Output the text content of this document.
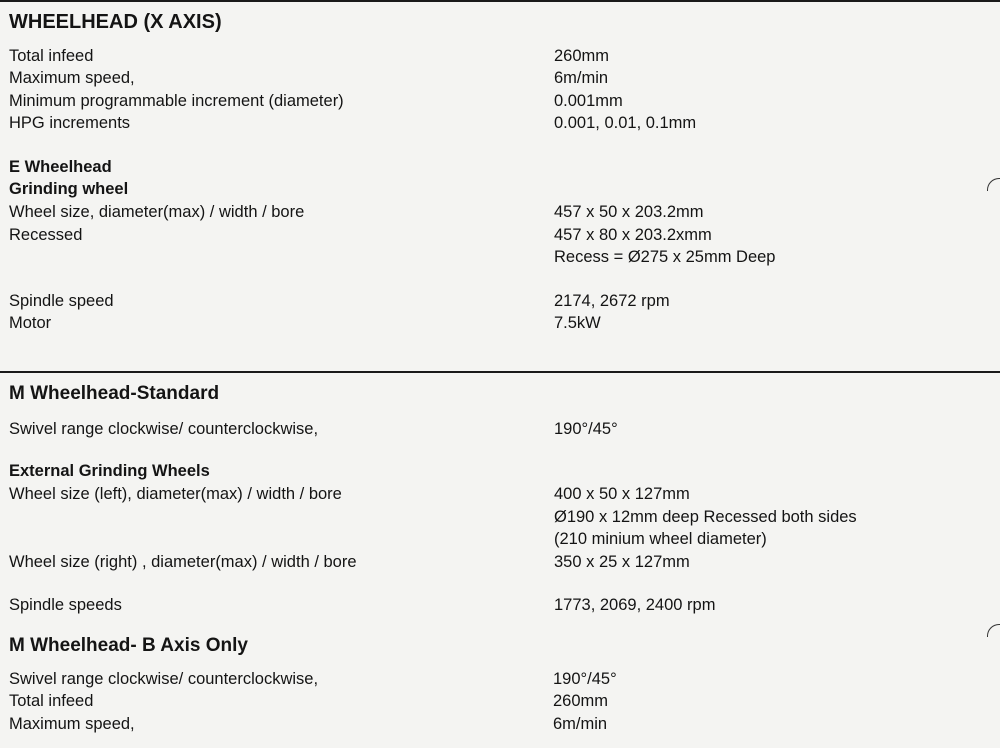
WHEELHEAD (X AXIS)
Total infeed	260mm
Maximum speed,	6m/min
Minimum programmable increment (diameter)	0.001mm
HPG increments	0.001, 0.01, 0.1mm
E Wheelhead
Grinding wheel
Wheel size, diameter(max) / width / bore	457 x 50 x 203.2mm
Recessed	457 x 80 x 203.2xmm
Recess = Ø275 x 25mm Deep
Spindle speed	2174, 2672 rpm
Motor	7.5kW
M Wheelhead-Standard
Swivel range clockwise/ counterclockwise,	190°/45°
External Grinding Wheels
Wheel size (left), diameter(max) / width / bore	400 x 50 x 127mm
Ø190 x 12mm deep Recessed both sides
(210 minium wheel diameter)
Wheel size (right) , diameter(max) / width / bore	350 x 25 x 127mm
Spindle speeds	1773, 2069, 2400 rpm
M Wheelhead- B Axis Only
Swivel range clockwise/ counterclockwise,	190°/45°
Total infeed	260mm
Maximum speed,	6m/min
